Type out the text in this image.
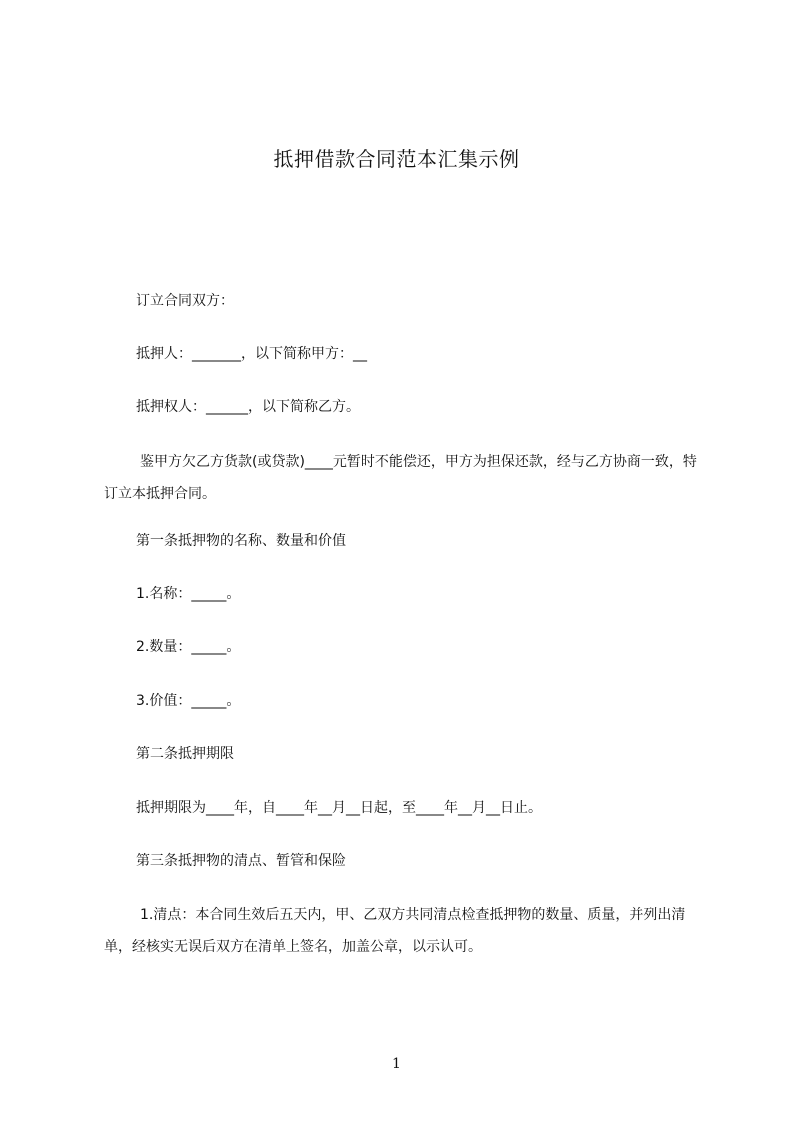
抵押借款合同范本汇集示例

订立合同双方：

抵押人：_______，以下简称甲方：__

抵押权人：______，以下简称乙方。

鉴甲方欠乙方货款(或贷款)____元暂时不能偿还，甲方为担保还款，经与乙方协商一致，特订立本抵押合同。

第一条抵押物的名称、数量和价值

1.名称：_____。

2.数量：_____。

3.价值：_____。

第二条抵押期限

抵押期限为____年，自____年__月__日起，至____年__月__日止。

第三条抵押物的清点、暂管和保险

1.清点：本合同生效后五天内，甲、乙双方共同清点检查抵押物的数量、质量，并列出清单，经核实无误后双方在清单上签名，加盖公章，以示认可。

1
